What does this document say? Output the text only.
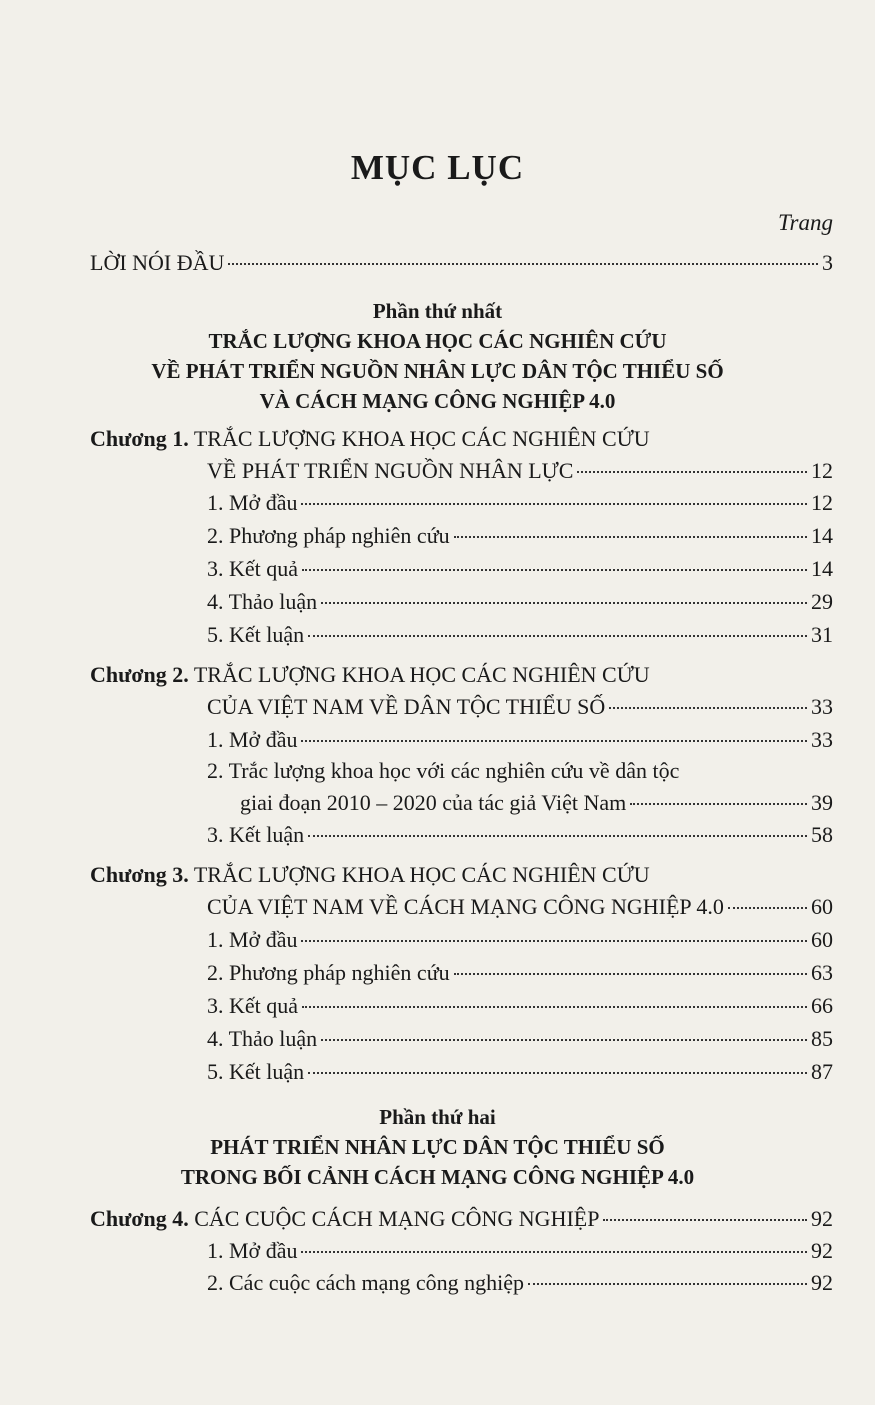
MỤC LỤC
Trang
LỜI NÓI ĐẦU	3
Phần thứ nhất
TRẮC LƯỢNG KHOA HỌC CÁC NGHIÊN CỨU
VỀ PHÁT TRIỂN NGUỒN NHÂN LỰC DÂN TỘC THIỂU SỐ
VÀ CÁCH MẠNG CÔNG NGHIỆP 4.0
Chương 1. TRẮC LƯỢNG KHOA HỌC CÁC NGHIÊN CỨU
VỀ PHÁT TRIỂN NGUỒN NHÂN LỰC	12
1. Mở đầu	12
2. Phương pháp nghiên cứu	14
3. Kết quả	14
4. Thảo luận	29
5. Kết luận	31
Chương 2. TRẮC LƯỢNG KHOA HỌC CÁC NGHIÊN CỨU
CỦA VIỆT NAM VỀ DÂN TỘC THIỂU SỐ	33
1. Mở đầu	33
2. Trắc lượng khoa học với các nghiên cứu về dân tộc
giai đoạn 2010 – 2020 của tác giả Việt Nam	39
3. Kết luận	58
Chương 3. TRẮC LƯỢNG KHOA HỌC CÁC NGHIÊN CỨU
CỦA VIỆT NAM VỀ CÁCH MẠNG CÔNG NGHIỆP 4.0	60
1. Mở đầu	60
2. Phương pháp nghiên cứu	63
3. Kết quả	66
4. Thảo luận	85
5. Kết luận	87
Phần thứ hai
PHÁT TRIỂN NHÂN LỰC DÂN TỘC THIỂU SỐ
TRONG BỐI CẢNH CÁCH MẠNG CÔNG NGHIỆP 4.0
Chương 4. CÁC CUỘC CÁCH MẠNG CÔNG NGHIỆP	92
1. Mở đầu	92
2. Các cuộc cách mạng công nghiệp	92
